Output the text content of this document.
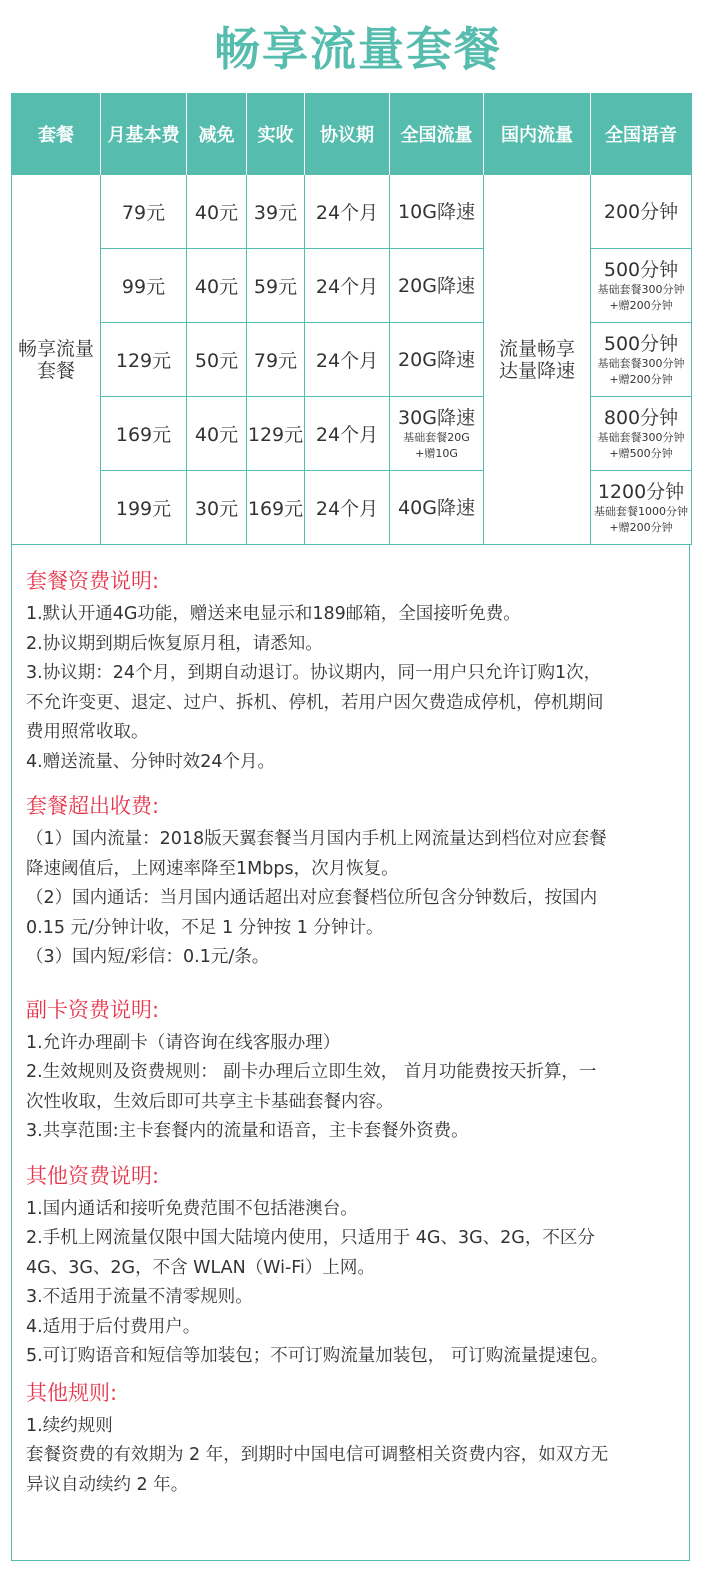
畅享流量套餐
套餐	月基本费	减免	实收	协议期	全国流量	国内流量	全国语音

畅享流量套餐	79元	40元	39元	24个月	10G降速	流量畅享达量降速	200分钟

	99元	40元	59元	24个月	20G降速		500分钟
基础套餐300分钟
+赠200分钟

	129元	50元	79元	24个月	20G降速		500分钟
基础套餐300分钟
+赠200分钟

	169元	40元	129元	24个月	30G降速
基础套餐20G
+赠10G		800分钟
基础套餐300分钟
+赠500分钟

	199元	30元	169元	24个月	40G降速		1200分钟
基础套餐1000分钟
+赠200分钟
套餐资费说明:

1.默认开通4G功能，赠送来电显示和189邮箱，全国接听免费。

2.协议期到期后恢复原月租，请悉知。

3.协议期：24个月，到期自动退订。协议期内，同一用户只允许订购1次，

不允许变更、退定、过户、拆机、停机，若用户因欠费造成停机，停机期间

费用照常收取。

4.赠送流量、分钟时效24个月。

套餐超出收费:

（1）国内流量：2018版天翼套餐当月国内手机上网流量达到档位对应套餐

降速阈值后，上网速率降至1Mbps，次月恢复。

（2）国内通话：当月国内通话超出对应套餐档位所包含分钟数后，按国内

0.15 元/分钟计收，不足 1 分钟按 1 分钟计。

（3）国内短/彩信：0.1元/条。

副卡资费说明:

1.允许办理副卡（请咨询在线客服办理）

2.生效规则及资费规则： 副卡办理后立即生效， 首月功能费按天折算，一

次性收取，生效后即可共享主卡基础套餐内容。

3.共享范围:主卡套餐内的流量和语音，主卡套餐外资费。

其他资费说明:

1.国内通话和接听免费范围不包括港澳台。

2.手机上网流量仅限中国大陆境内使用，只适用于 4G、3G、2G，不区分

4G、3G、2G，不含 WLAN（Wi-Fi）上网。

3.不适用于流量不清零规则。

4.适用于后付费用户。

5.可订购语音和短信等加装包；不可订购流量加装包， 可订购流量提速包。

其他规则:

1.续约规则

套餐资费的有效期为 2 年，到期时中国电信可调整相关资费内容，如双方无

异议自动续约 2 年。
